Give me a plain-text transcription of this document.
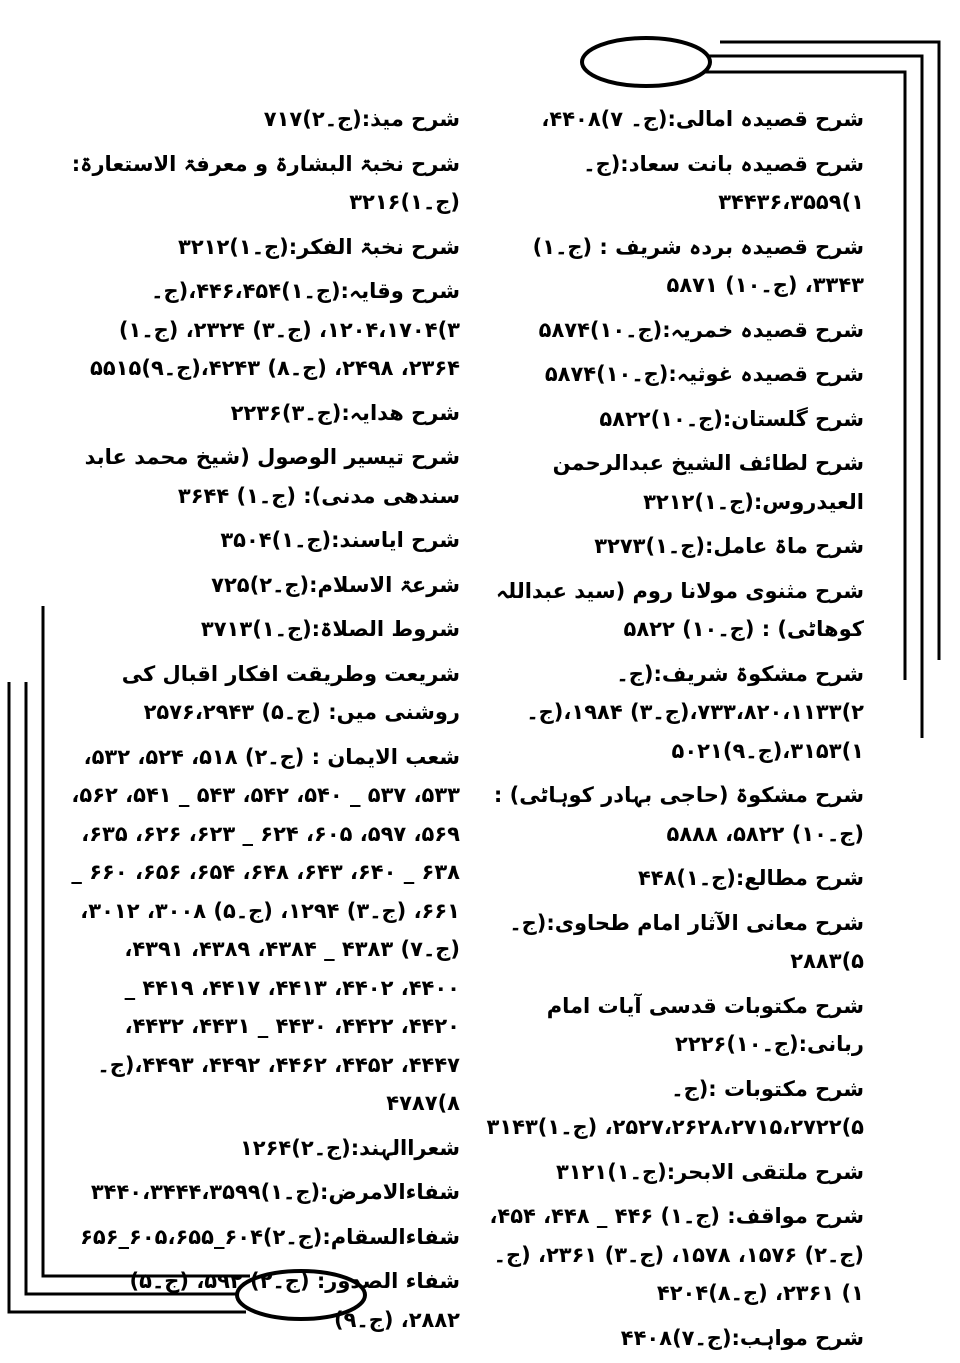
شرح قصیدہ امالی:(ج۔ ۷)۴۴۰۸،

شرح قصیدہ بانت سعاد:(ج۔۱)۳۴۴۳۶،۳۵۵۹

شرح قصیدہ بردہ شریف : (ج۔۱) ۳۳۴۳، (ج۔۱۰) ۵۸۷۱

شرح قصیدہ خمریہ:(ج۔۱۰)۵۸۷۴

شرح قصیدہ غوثیہ:(ج۔۱۰)۵۸۷۴

شرح گلستان:(ج۔۱۰)۵۸۲۲

شرح لطائف الشیخ عبدالرحمن العیدروس:(ج۔۱)۳۲۱۲

شرح ماۃ عامل:(ج۔۱)۳۲۷۳

شرح مثنوی مولانا روم (سید عبداللہ کوھاٹی) : (ج۔۱۰) ۵۸۲۲

شرح مشکوۃ شریف:(ج۔۲)۷۳۳،۸۲۰،۱۱۳۳،(ج۔۳) ۱۹۸۴،(ج۔۱)۳۱۵۳،(ج۔۹)۵۰۲۱

شرح مشکوۃ (حاجی بہادر کوہاٹی) :(ج۔۱۰) ۵۸۲۲، ۵۸۸۸

شرح مطالع:(ج۔۱)۴۴۸

شرح معانی الآثار امام طحاوی:(ج۔۵)۲۸۸۳

شرح مکتوبات قدسی آیات امام ربانی:(ج۔۱۰)۲۲۲۶

شرح مکتوبات :(ج۔۵)۲۵۲۷،۲۶۲۸،۲۷۱۵،۲۷۲۲، (ج۔۱)۳۱۴۳

شرح ملتقی الابحر:(ج۔۱)۳۱۲۱

شرح مواقف: (ج۔۱) ۴۴۶ _ ۴۴۸، ۴۵۴، (ج۔۲) ۱۵۷۶، ۱۵۷۸، (ج۔۳) ۲۳۶۱، (ج۔۱) ۲۳۶۱، (ج۔۸)۴۲۰۴

شرح مواہب:(ج۔۷)۴۴۰۸

شرح میذ:(ج۔۲)۷۱۷

شرح نخبۃ البشارۃ و معرفۃ الاستعارۃ:(ج۔۱)۳۲۱۶

شرح نخبۃ الفکر:(ج۔۱)۳۲۱۲

شرح وقایہ:(ج۔۱)۴۴۶،۴۵۴،(ج۔۳)۱۲۰۴،۱۷۰۴، (ج۔۳) ۲۳۲۴، (ج۔۱) ۲۳۶۴، ۲۴۹۸، (ج۔۸) ۴۲۴۳،(ج۔۹)۵۵۱۵

شرح ھدایہ:(ج۔۳)۲۲۳۶

شرح تیسیر الوصول (شیخ محمد عابد سندھی مدنی): (ج۔۱) ۳۶۴۴

شرح ایاسند:(ج۔۱)۳۵۰۴

شرعۃ الاسلام:(ج۔۲)۷۲۵

شروط الصلاۃ:(ج۔۱)۳۷۱۳

شریعت وطریقت افکار اقبال کی روشنی میں: (ج۔۵) ۲۵۷۶،۲۹۴۳

شعب الایمان : (ج۔۲) ۵۱۸، ۵۲۴، ۵۳۲، ۵۳۳، ۵۳۷ _ ۵۴۰، ۵۴۲، ۵۴۳ _ ۵۴۱، ۵۶۲، ۵۶۹، ۵۹۷، ۶۰۵، ۶۲۴ _ ۶۲۳، ۶۲۶، ۶۳۵، ۶۳۸ _ ۶۴۰، ۶۴۳، ۶۴۸، ۶۵۴، ۶۵۶، ۶۶۰ _ ۶۶۱، (ج۔۳) ۱۲۹۴، (ج۔۵) ۳۰۰۸، ۳۰۱۲، (ج۔۷) ۴۳۸۳ _ ۴۳۸۴، ۴۳۸۹، ۴۳۹۱، ۴۴۰۰، ۴۴۰۲، ۴۴۱۳، ۴۴۱۷، ۴۴۱۹ _ ۴۴۲۰، ۴۴۲۲، ۴۴۳۰ _ ۴۴۳۱، ۴۴۳۲، ۴۴۴۷، ۴۴۵۲، ۴۴۶۲، ۴۴۹۲، ۴۴۹۳،(ج۔۸)۴۷۸۷

شعراالہند:(ج۔۲)۱۲۶۴

شفاءالامرض:(ج۔۱)۳۴۴۰،۳۴۴۴،۳۵۹۹

شفاءالسقام:(ج۔۲)۶۰۴_۶۰۵،۶۵۵_۶۵۶

شفاء الصدور: (ج۔۲) ۵۹۲، (ج۔۵) ۲۸۸۲، (ج۔۹)
